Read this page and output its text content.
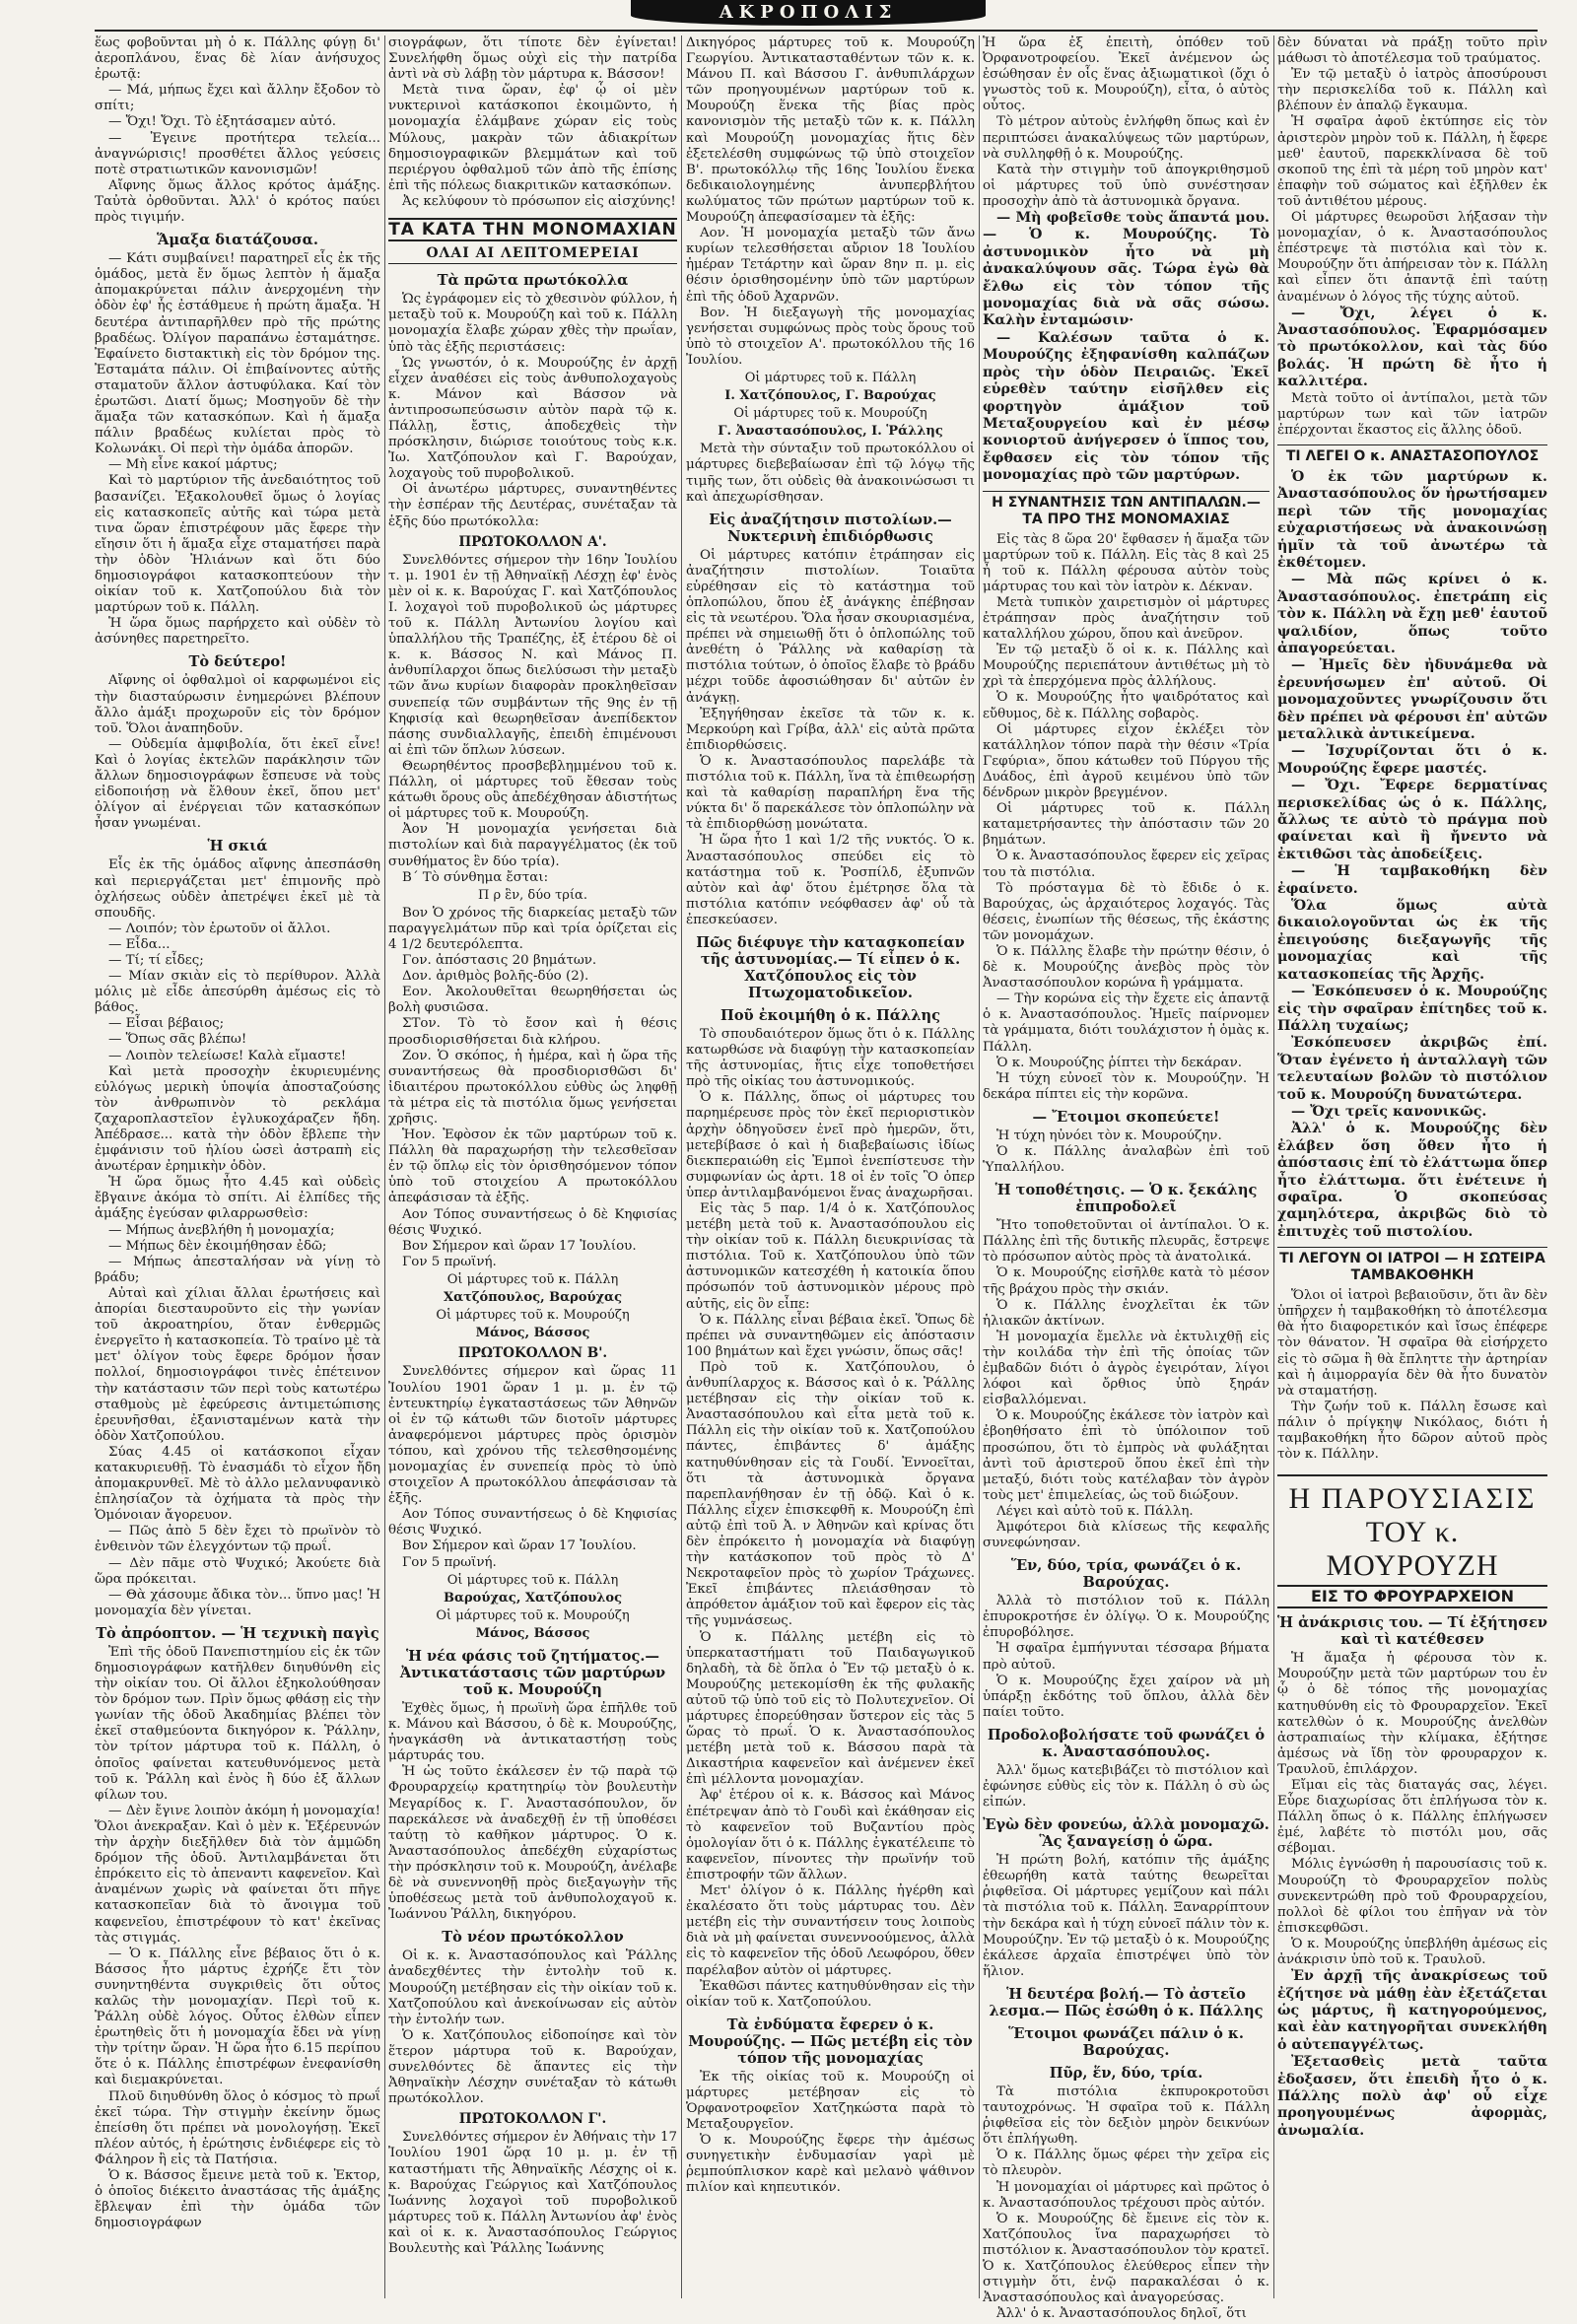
ΑΚΡΟΠΟΛΙΣ

ἕως φοβοῦνται μὴ ὁ κ. Πάλλης φύγῃ δι' ἀεροπλάνου, ἕνας δὲ λίαν ἀνήσυχος ἐρωτᾷ:

— Μά, μήπως ἔχει καὶ ἄλλην ἔξοδον τὸ σπίτι;

— Ὄχι! Ὄχι. Τὸ ἐξητάσαμεν αὐτό.

— Ἐγεινε προτήτερα τελεία... ἀναγνώρισις! προσθέτει ἄλλος γεύσεις ποτὲ στρατιωτικῶν κανονισμῶν!

Αἴφνης ὅμως ἄλλος κρότος ἁμάξης. Ταὐτὰ ὀρθοῦνται. Ἀλλ' ὁ κρότος παύει πρὸς τιγιμήν.

Ἅμαξα διατάζουσα.

— Κάτι συμβαίνει! παρατηρεῖ εἷς ἐκ τῆς ὁμάδος, μετὰ ἔν ὅμως λεπτὸν ἡ ἅμαξα ἀπομακρύνεται πάλιν ἀνερχομένη τὴν ὁδὸν ἐφ' ἧς ἐστάθμευε ἡ πρώτη ἅμαξα. Ἡ δευτέρα ἀντιπαρῆλθεν πρὸ τῆς πρώτης βραδέως. Ὀλίγον παραπάνω ἐσταμάτησε. Ἐφαίνετο διστακτικὴ εἰς τὸν δρόμον της. Ἐσταμάτα πάλιν. Οἱ ἐπιβαίνοντες αὐτῆς σταματοῦν ἄλλον ἀστυφύλακα. Καί τὸν ἐρωτῶσι. Διατί ὅμως; Μοσηγοῦν δὲ τὴν ἅμαξα τῶν κατασκόπων. Καὶ ἡ ἅμαξα πάλιν βραδέως κυλίεται πρὸς τὸ Κολωνάκι. Οἱ περὶ τὴν ὁμάδα ἀπορῶν.

— Μὴ εἶνε κακοί μάρτυς;

Καὶ τὸ μαρτύριον τῆς ἀνεδαιότητος τοῦ βασανίζει. Ἐξακολουθεῖ ὅμως ὁ λογίας εἰς κατασκοπεῖς αὐτῆς καὶ τώρα μετὰ τινα ὥραν ἐπιστρέφουν μᾶς ἔφερε τὴν εἴησιν ὅτι ἡ ἅμαξα εἶχε σταματήσει παρὰ τὴν ὁδὸν Ἠλιάνων καὶ ὅτι δύο δημοσιογράφοι κατασκοπτεύουν τὴν οἰκίαν τοῦ κ. Χατζοπούλου διὰ τὸν μαρτύρων τοῦ κ. Πάλλη.

Ἡ ὥρα ὅμως παρήρχετο καὶ οὐδὲν τὸ ἀσύνηθες παρετηρεῖτο.

Τὸ δεύτερο!

Αἴφνης οἱ ὀφθαλμοὶ οἱ καρφωμένοι εἰς τὴν διασταύρωσιν ἐνημερώνει βλέπουν ἄλλο ἀμάξι προχωροῦν εἰς τὸν δρόμον τοῦ. Ὅλοι ἀναπηδοῦν.

— Οὐδεμία ἀμφιβολία, ὅτι ἐκεῖ εἶνε! Καὶ ὁ λογίας ἐκτελῶν παράκλησιν τῶν ἄλλων δημοσιογράφων ἔσπευσε νὰ τοὺς εἰδοποιήσῃ νὰ ἔλθουν ἐκεῖ, ὅπου μετ' ὀλίγον αἱ ἐνέργειαι τῶν κατασκόπων ἦσαν γνωμέναι.

Ἡ σκιά

Εἷς ἐκ τῆς ὁμάδος αἴφνης ἀπεσπάσθη καὶ περιεργάζεται μετ' ἐπιμονῆς πρὸ ὀχλήσεως οὐδὲν ἀπετρέψει ἐκεῖ μὲ τὰ σπουδῆς.

— Λοιπόν; τὸν ἐρωτοῦν οἱ ἄλλοι.

— Εἶδα...

— Τί; τί εἶδες;

— Μίαν σκιὰν εἰς τὸ περίθυρον. Ἀλλὰ μόλις μὲ εἶδε ἀπεσύρθη ἀμέσως εἰς τὸ βάθος.

— Εἶσαι βέβαιος;

— Ὅπως σᾶς βλέπω!

— Λοιπὸν τελείωσε! Καλὰ εἴμαστε!

Καὶ μετὰ προσοχὴν ἐκυριευμένης εὐλόγως μερικὴ ὑποψία ἀποσταζούσης τὸν ἀνθρωπινὸν τὸ ρεκλάμα ζαχαροπλαστεῖον ἐγλυκοχάραζεν ἤδη. Ἀπέδρασε... κατὰ τὴν ὁδὸν ἔβλεπε τὴν ἐμφάνισιν τοῦ ἡλίου ὡσεὶ ἀστραπὴ εἰς ἀνωτέραν ἐρημικὴν ὁδὸν.

Ἡ ὥρα ὅμως ἦτο 4.45 καὶ οὐδεὶς ἔβγαινε ἀκόμα τὸ σπίτι. Αἱ ἐλπίδες τῆς ἁμάξης ἐγεύσαν φιλαρρωσθεὶσ:

— Μήπως ἀνεβλήθη ἡ μονομαχία;

— Μήπως δὲν ἐκοιμήθησαν ἐδῶ;

— Μήπως ἀπεσταλήσαν νὰ γίνῃ τὸ βράδυ;

Αὐταὶ καὶ χίλιαι ἄλλαι ἐρωτήσεις καὶ ἀπορίαι διεσταυροῦντο εἰς τὴν γωνίαν τοῦ ἀκροατηρίου, ὅταν ἐνθερμῶς ἐνεργεῖτο ἡ κατασκοπεία. Τὸ τραίνο μὲ τὰ μετ' ὀλίγον τοὺς ἔφερε δρόμον ἦσαν πολλοί, δημοσιογράφοι τινὲς ἐπέτεινον τὴν κατάστασιν τῶν περὶ τοὺς κατωτέρω σταθμοὺς μὲ ἐφεύρεσις ἀντιμετώπισης ἐρευνῆσθαι, ἐξανισταμένων κατὰ τὴν ὁδὸν Χατζοπούλου.

Σύας 4.45 οἱ κατάσκοποι εἶχαν κατακυριευθῇ. Τὸ ἐνασμάδι τὸ εἶχον ἤδη ἀπομακρυνθεῖ. Μὲ τὸ ἀλλο μελανυφανικὸ ἐπλησίαζον τὰ ὀχήματα τὰ πρὸς τὴν Ὁμόνοιαν ἄγορευον.

— Πῶς ἀπὸ 5 δὲν ἔχει τὸ πρωϊνὸν τὸ ἐνθεινὸν τῶν ἐλεγχόντων τῷ πρωΐ.

— Δὲν πᾶμε στὸ Ψυχικό; Ἀκούετε διὰ ὥρα πρόκειται.

— Θὰ χάσουμε ἄδικα τὸν... ὕπνο μας! Ἡ μονομαχία δὲν γίνεται.

Τὸ ἀπρόοπτον. — Ἡ τεχνικὴ παγὶς

Ἐπὶ τῆς ὁδοῦ Πανεπιστημίου εἰς ἐκ τῶν δημοσιογράφων κατῆλθεν διηυθύνθη εἰς τὴν οἰκίαν του. Οἱ ἄλλοι ἐξηκολούθησαν τὸν δρόμον των. Πρὶν ὅμως φθάσῃ εἰς τὴν γωνίαν τῆς ὁδοῦ Ἀκαδημίας βλέπει τὸν ἐκεῖ σταθμεύοντα δικηγόρον κ. Ῥάλλην, τὸν τρίτον μάρτυρα τοῦ κ. Πάλλη, ὁ ὁποῖος φαίνεται κατευθυνόμενος μετὰ τοῦ κ. Ῥάλλη καὶ ἑνὸς ἢ δύο ἐξ ἄλλων φίλων του.

— Δὲν ἔγινε λοιπὸν ἀκόμη ἡ μονομαχία! Ὅλοι ἀνεκραξαν. Καὶ ὁ μὲν κ. Ἐξέρευνών τὴν ἀρχὴν διεξῆλθεν διὰ τὸν ἀμμῶδη δρόμον τῆς ὁδοῦ. Ἀντιλαμβάνεται ὅτι ἐπρόκειτο εἰς τὸ ἀπεναντι καφενεῖον. Καὶ ἀναμένων χωρὶς νὰ φαίνεται ὅτι πῆγε κατασκοπεῖαν διὰ τὸ ἄνοιγμα τοῦ καφενεῖου, ἐπιστρέφουν τὸ κατ' ἐκεῖνας τὰς στιγμάς.

— Ὁ κ. Πάλλης εἶνε βέβαιος ὅτι ὁ κ. Βάσσος ἦτο μάρτυς ἐχρήζε ἔτι τὸν συνηντηθέντα συγκριθεὶς ὅτι οὗτος καλῶς τὴν μονομαχίαν. Περὶ τοῦ κ. Ῥάλλη οὐδὲ λόγος. Οὗτος ἐλθὼν εἶπεν ἐρωτηθεὶς ὅτι ἡ μονομαχία ἔδει νὰ γίνῃ τὴν τρίτην ὥραν. Ἡ ὥρα ἦτο 6.15 περίπου ὅτε ὁ κ. Πάλλης ἐπιστρέφων ἐνεφανίσθη καὶ διεμακρύνεται.

Πλοῦ διηυθύνθη ὅλος ὁ κόσμος τὸ πρωΐ ἐκεῖ τώρα. Τὴν στιγμὴν ἐκείνην ὅμως ἐπείσθη ὅτι πρέπει νὰ μονολογήσῃ. Ἐκεῖ πλέον αὐτός, ἡ ἐρώτησις ἐνδιέφερε εἰς τὸ Φάληρον ἢ εἰς τὰ Πατήσια.

Ὁ κ. Βάσσος ἔμεινε μετὰ τοῦ κ. Ἐκτορ, ὁ ὁποῖος διέκειτο ἀναστάσας τῆς ἁμάξης ἔβλεψαν ἐπὶ τὴν ὁμάδα τῶν δημοσιογράφων

σιογράφων, ὅτι τίποτε δὲν ἐγίνεται! Συνελήφθη ὅμως οὐχὶ εἰς τὴν πατρίδα ἀντὶ νὰ σὺ λάβῃ τὸν μάρτυρα κ. Βάσσον!

Μετὰ τινα ὥραν, ἐφ' ᾧ οἱ μὲν νυκτερινοὶ κατάσκοποι ἐκοιμῶντο, ἡ μονομαχία ἐλάμβανε χώραν εἰς τοὺς Μύλους, μακρὰν τῶν ἀδιακρίτων δημοσιογραφικῶν βλεμμάτων καὶ τοῦ περιέργου ὀφθαλμοῦ τῶν ἀπὸ τῆς ἐπίσης ἐπὶ τῆς πόλεως διακριτικῶν κατασκόπων.

Ἀς κελύφουν τὸ πρόσωπον εἰς αἰσχύνης!

ΤΑ ΚΑΤΑ ΤΗΝ ΜΟΝΟΜΑΧΙΑΝ
ΟΛΑΙ ΑΙ ΛΕΠΤΟΜΕΡΕΙΑΙ

Τὰ πρῶτα πρωτόκολλα

Ὡς ἐγράφομεν εἰς τὸ χθεσινὸν φύλλον, ἡ μεταξὺ τοῦ κ. Μουρούζη καὶ τοῦ κ. Πάλλη μονομαχία ἔλαβε χώραν χθὲς τὴν πρωΐαν, ὑπὸ τὰς ἑξῆς περιστάσεις:

Ὡς γνωστόν, ὁ κ. Μουρούζης ἐν ἀρχῇ εἶχεν ἀναθέσει εἰς τοὺς ἀνθυπολοχαγοὺς κ. Μάνον καὶ Βάσσον νὰ ἀντιπροσωπεύσωσιν αὐτὸν παρὰ τῷ κ. Πάλλῃ, ἔστις, ἀποδεχθεὶς τὴν πρόσκλησιν, διώρισε τοιούτους τοὺς κ.κ. Ἰω. Χατζόπουλον καὶ Γ. Βαρούχαν, λοχαγοὺς τοῦ πυροβολικοῦ.

Οἱ ἀνωτέρω μάρτυρες, συναντηθέντες τὴν ἑσπέραν τῆς Δευτέρας, συνέταξαν τὰ ἑξῆς δύο πρωτόκολλα:

ΠΡΩΤΟΚΟΛΛΟΝ Α'.

Συνελθόντες σήμερον τὴν 16ην Ἰουλίου τ. μ. 1901 ἐν τῇ Ἀθηναϊκῇ Λέσχῃ ἐφ' ἑνὸς μὲν οἱ κ. κ. Βαρούχας Γ. καὶ Χατζόπουλος Ι. λοχαγοὶ τοῦ πυροβολικοῦ ὡς μάρτυρες τοῦ κ. Πάλλη Ἀντωνίου λογίου καὶ ὑπαλλήλου τῆς Τραπέζης, ἐξ ἑτέρου δὲ οἱ κ. κ. Βάσσος Ν. καὶ Μάνος Π. ἀνθυπίλαρχοι ὅπως διελύσωσι τὴν μεταξὺ τῶν ἄνω κυρίων διαφορὰν προκληθεῖσαν συνεπείᾳ τῶν συμβάντων τῆς 9ης ἐν τῇ Κηφισίᾳ καὶ θεωρηθεῖσαν ἀνεπίδεκτον πάσης συνδιαλλαγῆς, ἐπειδὴ ἐπιμένουσι αἱ ἐπὶ τῶν ὅπλων λύσεων.

Θεωρηθέντος προσβεβλημμένου τοῦ κ. Πάλλη, οἱ μάρτυρες τοῦ ἔθεσαν τοὺς κάτωθι ὅρους οὓς ἀπεδέχθησαν ἀδιστήτως οἱ μάρτυρες τοῦ κ. Μουρούζη.

Ἀον Ἡ μονομαχία γενήσεται διὰ πιστολίων καὶ διὰ παραγγέλματος (ἐκ τοῦ συνθήματος ἓν δύο τρία).

Β΄ Τὸ σύνθημα ἔσται:

Π ρ ἓν, δύο τρία.

Βον Ὁ χρόνος τῆς διαρκείας μεταξὺ τῶν παραγγελμάτων πῦρ καὶ τρία ὁρίζεται εἰς 4 1/2 δευτερόλεπτα.

Γον. ἀπόστασις 20 βημάτων.

Δον. ἀριθμὸς βολῆς-δύο (2).

Εον. Ἀκολουθεῖται θεωρηθήσεται ὡς βολὴ φυσιῶσα.

ΣΤον. Τὸ τὸ ἔσον καὶ ἡ θέσις προσδιορισθήσεται διὰ κλήρου.

Ζον. Ὁ σκόπος, ἡ ἡμέρα, καὶ ἡ ὥρα τῆς συναντήσεως θὰ προσδιορισθῶσι δι' ἰδιαιτέρου πρωτοκόλλου εὐθὺς ὡς ληφθῇ τὰ μέτρα εἰς τὰ πιστόλια ὅμως γενήσεται χρῆσις.

Ἡον. Ἐφὸσον ἐκ τῶν μαρτύρων τοῦ κ. Πάλλη θὰ παραχωρήσῃ τὴν τελεσθεῖσαν ἐν τῷ ὅπλῳ εἰς τὸν ὁρισθησόμενον τόπον ὑπὸ τοῦ στοιχείου Α πρωτοκόλλου ἀπεφάσισαν τὰ ἑξῆς.

Αον Τόπος συναντήσεως ὁ δὲ Κηφισίας θέσις Ψυχικό.

Βον Σήμερον καὶ ὥραν 17 Ἰουλίου.

Γον 5 πρωϊνή.

Οἱ μάρτυρες τοῦ κ. Πάλλη

Χατζόπουλος, Βαρούχας

Οἱ μάρτυρες τοῦ κ. Μουρούζη

Μάνος, Βάσσος

ΠΡΩΤΟΚΟΛΛΟΝ Β'.

Συνελθόντες σήμερον καὶ ὥρας 11 Ἰουλίου 1901 ὥραν 1 μ. μ. ἐν τῷ ἐντευκτηρίῳ ἐγκαταστάσεως τῶν Ἀθηνῶν οἱ ἐν τῷ κάτωθι τῶν διοτοῖν μάρτυρες ἀναφερόμενοι μάρτυρες πρὸς ὁρισμὸν τόπου, καὶ χρόνου τῆς τελεσθησομένης μονομαχίας ἐν συνεπείᾳ πρὸς τὸ ὑπὸ στοιχεῖον Α πρωτοκόλλου ἀπεφάσισαν τὰ ἑξῆς.

Αον Τόπος συναντήσεως ὁ δὲ Κηφισίας θέσις Ψυχικό.

Βον Σήμερον καὶ ὥραν 17 Ἰουλίου.

Γον 5 πρωϊνή.

Οἱ μάρτυρες τοῦ κ. Πάλλη

Βαρούχας, Χατζόπουλος

Οἱ μάρτυρες τοῦ κ. Μουρούζη

Μάνος, Βάσσος

Ἡ νέα φάσις τοῦ ζητήματος.— Ἀντικατάστασις τῶν μαρτύρων τοῦ κ. Μουρούζη

Ἐχθὲς ὅμως, ἡ πρωϊνὴ ὥρα ἐπῆλθε τοῦ κ. Μάνου καὶ Βάσσου, ὁ δὲ κ. Μουρούζης, ἠναγκάσθη νὰ ἀντικαταστήσῃ τοὺς μάρτυράς του.

Ἡ ὡς τοῦτο ἐκάλεσεν ἐν τῷ παρὰ τῷ Φρουραρχείῳ κρατητηρίῳ τὸν βουλευτὴν Μεγαρίδος κ. Γ. Ἀναστασόπουλον, ὅν παρεκάλεσε νὰ ἀναδεχθῇ ἐν τῇ ὑποθέσει ταύτῃ τὸ καθῆκον μάρτυρος. Ὁ κ. Ἀναστασόπουλος ἀπεδέχθη εὐχαρίστως τὴν πρόσκλησιν τοῦ κ. Μουρούζη, ἀνέλαβε δὲ νὰ συνεννοηθῇ πρὸς διεξαγωγὴν τῆς ὑποθέσεως μετὰ τοῦ ἀνθυπολοχαγοῦ κ. Ἰωάννου Ῥάλλη, δικηγόρου.

Τὸ νέον πρωτόκολλον

Οἱ κ. κ. Ἀναστασόπουλος καὶ Ῥάλλης ἀναδεχθέντες τὴν ἐντολὴν τοῦ κ. Μουρούζη μετέβησαν εἰς τὴν οἰκίαν τοῦ κ. Χατζοπούλου καὶ ἀνεκοίνωσαν εἰς αὐτὸν τὴν ἐντολήν των.

Ὁ κ. Χατζόπουλος εἰδοποίησε καὶ τὸν ἕτερον μάρτυρα τοῦ κ. Βαρούχαν, συνελθόντες δὲ ἅπαντες εἰς τὴν Ἀθηναϊκὴν Λέσχην συνέταξαν τὸ κάτωθι πρωτόκολλον.

ΠΡΩΤΟΚΟΛΛΟΝ Γ'.

Συνελθόντες σήμερον ἐν Ἀθήναις τὴν 17 Ἰουλίου 1901 ὥρᾳ 10 μ. μ. ἐν τῇ καταστήματι τῆς Ἀθηναϊκῆς Λέσχης οἱ κ. κ. Βαρούχας Γεώργιος καὶ Χατζόπουλος Ἰωάννης λοχαγοὶ τοῦ πυροβολικοῦ μάρτυρες τοῦ κ. Πάλλη Ἀντωνίου ἀφ' ἑνὸς καὶ οἱ κ. κ. Ἀναστασόπουλος Γεώργιος Βουλευτὴς καὶ Ῥάλλης Ἰωάννης

Δικηγόρος μάρτυρες τοῦ κ. Μουρούζη Γεωργίου. Ἀντικατασταθέντων τῶν κ. κ. Μάνου Π. καὶ Βάσσου Γ. ἀνθυπιλάρχων τῶν προηγουμένων μαρτύρων τοῦ κ. Μουρούζη ἕνεκα τῆς βίας πρὸς κανονισμὸν τῆς μεταξὺ τῶν κ. κ. Πάλλη καὶ Μουρούζη μονομαχίας ἥτις δὲν ἐξετελέσθη συμφώνως τῷ ὑπὸ στοιχεῖον Β'. πρωτοκόλλῳ τῆς 16ης Ἰουλίου ἕνεκα δεδικαιολογημένης ἀνυπερβλήτου κωλύματος τῶν πρώτων μαρτύρων τοῦ κ. Μουρούζη ἀπεφασίσαμεν τὰ ἑξῆς:

Αον. Ἡ μονομαχία μεταξὺ τῶν ἄνω κυρίων τελεσθήσεται αὔριον 18 Ἰουλίου ἡμέραν Τετάρτην καὶ ὥραν 8ην π. μ. εἰς θέσιν ὁρισθησομένην ὑπὸ τῶν μαρτύρων ἐπὶ τῆς ὁδοῦ Ἀχαρνῶν.

Βον. Ἡ διεξαγωγὴ τῆς μονομαχίας γενήσεται συμφώνως πρὸς τοὺς ὅρους τοῦ ὑπὸ τὸ στοιχεῖον Α'. πρωτοκόλλου τῆς 16 Ἰουλίου.

Οἱ μάρτυρες τοῦ κ. Πάλλη

Ι. Χατζόπουλος, Γ. Βαρούχας

Οἱ μάρτυρες τοῦ κ. Μουρούζη

Γ. Ἀναστασόπουλος, Ι. Ῥάλλης

Μετὰ τὴν σύνταξιν τοῦ πρωτοκόλλου οἱ μάρτυρες διεβεβαίωσαν ἐπὶ τῷ λόγῳ τῆς τιμῆς των, ὅτι οὐδεὶς θὰ ἀνακοινώσωσι τι καὶ ἀπεχωρίσθησαν.

Εἰς ἀναζήτησιν πιστολίων.— Νυκτερινὴ ἐπιδιόρθωσις

Οἱ μάρτυρες κατόπιν ἐτράπησαν εἰς ἀναζήτησιν πιστολίων. Τοιαῦτα εὑρέθησαν εἰς τὸ κατάστημα τοῦ ὁπλοπώλου, ὅπου ἐξ ἀνάγκης ἐπέβησαν εἰς τὰ νεωτέρου. Ὅλα ἦσαν σκουριασμένα, πρέπει νὰ σημειωθῇ ὅτι ὁ ὁπλοπώλης τοῦ ἀνεθέτη ὁ Ῥάλλης νὰ καθαρίσῃ τὰ πιστόλια τούτων, ὁ ὁποῖος ἔλαβε τὸ βράδυ μέχρι τοῦδε ἀφοσιώθησαν δι' αὐτῶν ἐν ἀνάγκῃ.

Ἐξηγήθησαν ἐκεῖσε τὰ τῶν κ. κ. Μερκούρη καὶ Γρίβα, ἀλλ' εἰς αὐτὰ πρῶτα ἐπιδιορθώσεις.

Ὁ κ. Ἀναστασόπουλος παρελάβε τὰ πιστόλια τοῦ κ. Πάλλη, ἵνα τὰ ἐπιθεωρήσῃ καὶ τὰ καθαρίσῃ παραπλήρη ἕνα τῆς νύκτα δι' ὅ παρεκάλεσε τὸν ὁπλοπώλην νὰ τὰ ἐπιδιορθώσῃ μονώτατα.

Ἡ ὥρα ἦτο 1 καὶ 1/2 τῆς νυκτός. Ὁ κ. Ἀναστασόπουλος σπεύδει εἰς τὸ κατάστημα τοῦ κ. Ῥοσπίλδ, ἐξυπνῶν αὐτὸν καὶ ἀφ' ὅτου ἐμέτρησε ὅλα τὰ πιστόλια κατόπιν νεόφθασεν ἀφ' οὗ τὰ ἐπεσκεύασεν.

Πῶς διέφυγε τὴν κατασκοπείαν τῆς ἀστυνομίας.— Τί εἶπεν ὁ κ. Χατζόπουλος εἰς τὸν Πτωχοματοδικεῖον.

Ποῦ ἐκοιμήθη ὁ κ. Πάλλης

Τὸ σπουδαιότερον ὅμως ὅτι ὁ κ. Πάλλης κατωρθώσε νὰ διαφύγῃ τὴν κατασκοπείαν τῆς ἀστυνομίας, ἥτις εἶχε τοποθετήσει πρὸ τῆς οἰκίας του ἀστυνομικούς.

Ὁ κ. Πάλλης, ὅπως οἱ μάρτυρες του παρημέρευσε πρὸς τὸν ἐκεῖ περιοριστικὸν ἀρχὴν ὁδηγοῦσεν ἐνεῖ πρὸ ἡμερῶν, ὅτι, μετεβίβασε ὁ καὶ ἡ διαβεβαίωσις ἰδίως διεκπεραιώθη εἰς Ἐμποὶ ἐνεπίστευσε τὴν συμφωνίαν ὡς ἀρτι. 18 οἱ ἐν τοῖς Ὃ ὁπερ ὑπερ ἀντιλαμβανόμενοι ἕνας ἀναχωρῆσαι.

Εἰς τὰς 5 παρ. 1/4 ὁ κ. Χατζόπουλος μετέβη μετὰ τοῦ κ. Ἀναστασόπουλου εἰς τὴν οἰκίαν τοῦ κ. Πάλλη διευκρινίσας τὰ πιστόλια. Τοῦ κ. Χατζόπουλου ὑπὸ τῶν ἀστυνομικῶν κατεσχέθη ἡ κατοικία ὅπου πρόσωπόν τοῦ ἀστυνομικὸν μέρους πρὸ αὐτῆς, εἰς ὃν εἶπε:

Ὁ κ. Πάλλης εἶναι βέβαια ἐκεῖ. Ὅπως δὲ πρέπει νὰ συναντηθῶμεν εἰς ἀπόστασιν 100 βημάτων καὶ ἔχει γνώσιν, ὅπως σᾶς!

Πρὸ τοῦ κ. Χατζόπουλου, ὁ ἀνθυπίλαρχος κ. Βάσσος καὶ ὁ κ. Ῥάλλης μετέβησαν εἰς τὴν οἰκίαν τοῦ κ. Ἀναστασόπουλου καὶ εἶτα μετὰ τοῦ κ. Πάλλη εἰς τὴν οἰκίαν τοῦ κ. Χατζοπούλου πάντες, ἐπιβάντες δ' ἁμάξης κατηυθύνθησαν εἰς τὰ Γουδί. Ἐννοεῖται, ὅτι τὰ ἀστυνομικὰ ὄργανα παρεπλανήθησαν ἐν τῇ ὁδῷ. Καὶ ὁ κ. Πάλλης εἶχεν ἐπισκεφθῆ κ. Μουρούζη ἐπὶ αὐτῷ ἐπὶ τοῦ Ἀ. ν Ἀθηνῶν καὶ κρίνας ὅτι δὲν ἐπρόκειτο ἡ μονομαχία νὰ διαφύγῃ τὴν κατάσκοπον τοῦ πρὸς τὸ Δ' Νεκροταφεῖον πρὸς τὸ χωρίον Τράχωνες. Ἐκεῖ ἐπιβάντες πλειάσθησαν τὸ ἀπρόθετον ἁμάξιον τοῦ καὶ ἔφερον εἰς τὰς τῆς γυμνάσεως.

Ὁ κ. Πάλλης μετέβη εἰς τὸ ὑπερκαταστήματι τοῦ Παιδαγωγικοῦ δηλαδὴ, τὰ δὲ ὅπλα ὁ Ἔν τῷ μεταξὺ ὁ κ. Μουρούζης μετεκομίσθη ἐκ τῆς φυλακῆς αὐτοῦ τῷ ὑπὸ τοῦ εἰς τὸ Πολυτεχνεῖον. Οἱ μάρτυρες ἐπορεύθησαν ὕστερον εἰς τὰς 5 ὥρας τὸ πρωΐ. Ὁ κ. Ἀναστασόπουλος μετέβη μετὰ τοῦ κ. Βάσσου παρὰ τὰ Δικαστήρια καφενεῖον καὶ ἀνέμενεν ἐκεῖ ἐπὶ μέλλοντα μονομαχίαν.

Ἀφ' ἑτέρου οἱ κ. κ. Βάσσος καὶ Μάνος ἐπέτρεψαν ἀπὸ τὸ Γουδὶ καὶ ἐκάθησαν εἰς τὸ καφενεῖον τοῦ Βυζαντίου πρὸς ὁμολογίαν ὅτι ὁ κ. Πάλλης ἐγκατέλειπε τὸ καφενεῖον, πίνοντες τὴν πρωϊνήν τοῦ ἐπιστροφήν τῶν ἄλλων.

Μετ' ὀλίγον ὁ κ. Πάλλης ἠγέρθη καὶ ἐκαλέσατο ὅτι τοὺς μάρτυρας του. Δὲν μετέβη εἰς τὴν συναντήσειν τους λοιποὺς διὰ νὰ μὴ φαίνεται συνεννοούμενος, ἀλλὰ εἰς τὸ καφενεῖον τῆς ὁδοῦ Λεωφόρου, ὅθεν παρέλαβον αὐτὸν οἱ μάρτυρες.

Ἐκαθῶσι πάντες κατηυθύνθησαν εἰς τὴν οἰκίαν τοῦ κ. Χατζοπούλου.

Τὰ ἐνδύματα ἔφερεν ὁ κ. Μουρούζης. — Πῶς μετέβη εἰς τὸν τόπον τῆς μονομαχίας

Ἐκ τῆς οἰκίας τοῦ κ. Μουρούζη οἱ μάρτυρες μετέβησαν εἰς τὸ Ὁρφανοτροφεῖον Χατζηκώστα παρὰ τὸ Μεταξουργεῖον.

Ὁ κ. Μουρούζης ἔφερε τὴν ἀμέσως συνηγετικὴν ἐνδυμασίαν γαρὶ μὲ ῥεμπούπλισκον καρὲ καὶ μελανὸ ψάθινον πιλίον καὶ κηπευτικόν.

Ἡ ὥρα ἐξ ἐπειτὴ, ὁπόθεν τοῦ Ὀρφανοτροφείου. Ἐκεῖ ἀνέμενον ὡς ἐσώθησαν ἐν οἷς ἕνας ἀξιωματικοὶ (ὄχι ὁ γνωστὸς τοῦ κ. Μουρούζη), εἶτα, ὁ αὐτὸς οὗτος.

Τὸ μέτρον αὐτοὺς ἐνλήφθη ὅπως καὶ ἐν περιπτώσει ἀνακαλύψεως τῶν μαρτύρων, νὰ συλληφθῇ ὁ κ. Μουρούζης.

Κατὰ τὴν στιγμὴν τοῦ ἀπογκριθησμοῦ οἱ μάρτυρες τοῦ ὑπὸ συνέστησαν προσοχὴν ἀπὸ τὰ ἀστυνομικὰ ὄργανα.

— Μὴ φοβεῖσθε τοὺς ἅπαντά μου. — Ὁ κ. Μουρούζης. Τὸ ἀστυνομικὸν ἦτο νὰ μὴ ἀνακαλύψουν σᾶς. Τώρα ἐγὼ θὰ ἔλθω εἰς τὸν τόπον τῆς μονομαχίας διὰ νὰ σᾶς σώσω. Καλὴν ἐνταμώσιν·

— Καλέσων ταῦτα ὁ κ. Μουρούζης ἐξηφανίσθη καλπάζων πρὸς τὴν ὁδὸν Πειραιῶς. Ἐκεῖ εὑρεθὲν ταύτην εἰσῆλθεν εἰς φορτηγὸν ἁμάξιον τοῦ Μεταξουργείου καὶ ἐν μέσῳ κονιορτοῦ ἀνήγερσεν ὁ ἵππος του, ἔφθασεν εἰς τὸν τόπον τῆς μονομαχίας πρὸ τῶν μαρτύρων.

Η ΣΥΝΑΝΤΗΣΙΣ ΤΩΝ ΑΝΤΙΠΑΛΩΝ.— ΤΑ ΠΡΟ ΤΗΣ ΜΟΝΟΜΑΧΙΑΣ

Εἰς τὰς 8 ὥρα 20' ἔφθασεν ἡ ἅμαξα τῶν μαρτύρων τοῦ κ. Πάλλη. Εἰς τὰς 8 καὶ 25 ἦ τοῦ κ. Πάλλη φέρουσα αὐτὸν τοὺς μάρτυρας του καὶ τὸν ἰατρὸν κ. Δέκναν.

Μετὰ τυπικὸν χαιρετισμὸν οἱ μάρτυρες ἐτράπησαν πρὸς ἀναζήτησιν τοῦ καταλλήλου χώρου, ὅπου καὶ ἀνεῦρον.

Ἐν τῷ μεταξὺ ὅ οἱ κ. κ. Πάλλης καὶ Μουρούζης περιεπάτουν ἀντιθέτως μὴ τὸ χρὶ τὰ ἐπερχόμενα πρὸς ἀλλήλους.

Ὁ κ. Μουρούζης ἦτο ψαιδρότατος καὶ εὔθυμος, δὲ κ. Πάλλης σοβαρὸς.

Οἱ μάρτυρες εἶχον ἐκλέξει τὸν κατάλληλον τόπον παρὰ τὴν θέσιν «Τρία Γεφύρια», ὅπου κάτωθεν τοῦ Πύργου τῆς Δυάδος, ἐπὶ ἀγροῦ κειμένου ὑπὸ τῶν δένδρων μικρὸν βρεγμένον.

Οἱ μάρτυρες τοῦ κ. Πάλλη καταμετρήσαντες τὴν ἀπόστασιν τῶν 20 βημάτων.

Ὁ κ. Ἀναστασόπουλος ἔφερεν εἰς χεῖρας του τὰ πιστόλια.

Τὸ πρόσταγμα δὲ τὸ ἔδιδε ὁ κ. Βαρούχας, ὡς ἀρχαιότερος λοχαγός. Τὰς θέσεις, ἐνωπίων τῆς θέσεως, τῆς ἐκάστης τῶν μονομάχων.

Ὁ κ. Πάλλης ἔλαβε τὴν πρώτην θέσιν, ὁ δὲ κ. Μουρούζης ἀνεβὸς πρὸς τὸν Ἀναστασόπουλον κορώνα ἢ γράμματα.

— Τὴν κορώνα εἰς τὴν ἔχετε εἰς ἀπαντᾷ ὁ κ. Ἀναστασόπουλος. Ἡμεῖς παίρνομεν τὰ γράμματα, διότι τουλάχιστον ἡ ὁμὰς κ. Πάλλη.

Ὁ κ. Μουρούζης ῥίπτει τὴν δεκάραν.

Ἡ τύχη εὐνοεῖ τὸν κ. Μουρούζην. Ἡ δεκάρα πίπτει εἰς τὴν κορῶνα.

— Ἔτοιμοι σκοπεύετε!

Ἡ τύχη ηὐνόει τὸν κ. Μουρούζην.

Ὁ κ. Πάλλης ἀναλαβὼν ἐπὶ τοῦ Ὑπαλλήλου.

Ἡ τοποθέτησις. — Ὁ κ. ξεκάλης ἐπιπροδολεῖ

Ἤτο τοποθετοῦνται οἱ ἀντίπαλοι. Ὁ κ. Πάλλης ἐπὶ τῆς δυτικῆς πλευρᾶς, ἔστρεψε τὸ πρόσωπον αὐτὸς πρὸς τὰ ἀνατολικά.

Ὁ κ. Μουρούζης εἰσῆλθε κατὰ τὸ μέσον τῆς βράχου πρὸς τὴν σκιάν.

Ὁ κ. Πάλλης ἐνοχλεῖται ἐκ τῶν ἡλιακῶν ἀκτίνων.

Ἡ μονομαχία ἔμελλε νὰ ἐκτυλιχθῇ εἰς τὴν κοιλάδα τὴν ἐπὶ τῆς ὁποίας τῶν ἐμβαδῶν διότι ὁ ἀγρὸς ἐγειρόταν, λίγοι λόφοι καὶ ὄρθιος ὑπὸ ξηράν εἰσβαλλόμεναι.

Ὁ κ. Μουρούζης ἐκάλεσε τὸν ἰατρὸν καὶ ἐβοηθήσατο ἐπὶ τὸ ὑπόλοιπον τοῦ προσώπου, ὅτι τὸ ἐμπρὸς νὰ φυλάξηται ἀντὶ τοῦ ἀριστεροῦ ὅπου ἐκεῖ ἐπὶ τὴν μεταξύ, διότι τοὺς κατέλαβαν τὸν ἀγρὸν τοὺς μετ' ἐπιμελείας, ὡς τοῦ διώξουν.

Λέγει καὶ αὐτὸ τοῦ κ. Πάλλη.

Ἀμφότεροι διὰ κλίσεως τῆς κεφαλῆς συνεφώνησαν.

Ἕν, δύο, τρία, φωνάζει ὁ κ. Βαρούχας.

Ἀλλὰ τὸ πιστόλιον τοῦ κ. Πάλλη ἐπυροκροτήσε ἐν ὀλίγῳ. Ὁ κ. Μουρούζης ἐπυροβόλησε.

Ἡ σφαῖρα ἐμπήγνυται τέσσαρα βήματα πρὸ αὐτοῦ.

Ὁ κ. Μουρούζης ἔχει χαίρον νὰ μὴ ὑπάρξῃ ἐκδότης τοῦ ὅπλου, ἀλλὰ δὲν παίει τοῦτο.

Προδολοβολήσατε τοῦ φωνάζει ὁ κ. Ἀναστασόπουλος.

Ἀλλ' ὅμως κατεβιβάζει τὸ πιστόλιον καὶ ἐφώνησε εὐθὺς εἰς τὸν κ. Πάλλη ὁ σὺ ὡς εἰπών.

Ἐγὼ δὲν φονεύω, ἀλλὰ μονομαχῶ. Ἃς ξαναγείσῃ ὁ ὥρα.

Ἡ πρώτη βολή, κατόπιν τῆς ἁμάξης ἐθεωρήθη κατὰ ταύτης θεωρεῖται ῥιφθεῖσα. Οἱ μάρτυρες γεμίζουν καὶ πάλι τὰ πιστόλια τοῦ κ. Πάλλη. Ξαναρρίπτουν τὴν δεκάρα καὶ ἡ τύχη εὐνοεῖ πάλιν τὸν κ. Μουρούζην. Ἐν τῷ μεταξὺ ὁ κ. Μουρούζης ἐκάλεσε ἀρχαῖα ἐπιστρέψει ὑπὸ τὸν ἥλιον.

Ἡ δευτέρα βολή.— Τὸ ἀστεῖο λεσμα.— Πῶς ἐσώθη ὁ κ. Πάλλης

Ἕτοιμοι φωνάζει πάλιν ὁ κ. Βαρούχας.

Πῦρ, ἕν, δύο, τρία.

Τὰ πιστόλια ἐκπυροκροτοῦσι ταυτοχρόνως. Ἡ σφαῖρα τοῦ κ. Πάλλη ῥιφθεῖσα εἰς τὸν δεξιὸν μηρὸν δεικνύων ὅτι ἐπλήγωθη.

Ὁ κ. Πάλλης ὅμως φέρει τὴν χεῖρα εἰς τὸ πλευρὸν.

Ἡ μονομαχίαι οἱ μάρτυρες καὶ πρῶτος ὁ κ. Ἀναστασόπουλος τρέχουσι πρὸς αὐτόν.

Ὁ κ. Μουρούζης δὲ ἔμεινε εἰς τὸν κ. Χατζόπουλος ἴνα παραχωρήσει τὸ πιστόλιον κ. Ἀναστασόπουλον τὸν κρατεῖ. Ὁ κ. Χατζόπουλος ἐλεύθερος εἶπεν τὴν στιγμὴν ὅτι, ἐνῷ παρακαλέσαι ὁ κ. Ἀναστασόπουλος καὶ ἀναγορεύσας.

Ἀλλ' ὁ κ. Ἀναστασόπουλος δηλοῖ, ὅτι

δὲν δύναται νὰ πράξῃ τοῦτο πρὶν μάθωσι τὸ ἀποτέλεσμα τοῦ τραύματος.

Ἐν τῷ μεταξὺ ὁ ἰατρὸς ἀποσύρουσι τὴν περισκελίδα τοῦ κ. Πάλλη καὶ βλέπουν ἐν ἀπαλῷ ἔγκαυμα.

Ἡ σφαῖρα ἀφοῦ ἐκτύπησε εἰς τὸν ἀριστερὸν μηρὸν τοῦ κ. Πάλλη, ἡ ἔφερε μεθ' ἑαυτοῦ, παρεκκλίνασα δὲ τοῦ σκοποῦ της ἐπὶ τὰ μέρη τοῦ μηρὸν κατ' ἐπαφὴν τοῦ σώματος καὶ ἐξῆλθεν ἐκ τοῦ ἀντιθέτου μέρους.

Οἱ μάρτυρες θεωροῦσι λήξασαν τὴν μονομαχίαν, ὁ κ. Ἀναστασόπουλος ἐπέστρεψε τὰ πιστόλια καὶ τὸν κ. Μουρούζην ὅτι ἀπήρεισαν τὸν κ. Πάλλη καὶ εἶπεν ὅτι ἀπαντᾷ ἐπὶ ταύτῃ ἀναμένων ὁ λόγος τῆς τύχης αὐτοῦ.

— Ὄχι, λέγει ὁ κ. Ἀναστασόπουλος. Ἐφαρμόσαμεν τὸ πρωτόκολλον, καὶ τὰς δύο βολάς. Ἡ πρώτη δὲ ἦτο ἡ καλλιτέρα.

Μετὰ τοῦτο οἱ ἀντίπαλοι, μετὰ τῶν μαρτύρων των καὶ τῶν ἰατρῶν ἐπέρχονται ἕκαστος εἰς ἄλλης ὁδοῦ.

ΤΙ ΛΕΓΕΙ Ο κ. ΑΝΑΣΤΑΣΟΠΟΥΛΟΣ

Ὁ ἐκ τῶν μαρτύρων κ. Ἀναστασόπουλος ὅν ἠρωτήσαμεν περὶ τῶν τῆς μονομαχίας εὐχαριστήσεως νὰ ἀνακοινώσῃ ἡμῖν τὰ τοῦ ἀνωτέρω τὰ ἐκθέτομεν.

— Μὰ πῶς κρίνει ὁ κ. Ἀναστασόπουλος. ἐπετράπη εἰς τὸν κ. Πάλλη νὰ ἔχῃ μεθ' ἑαυτοῦ ψαλιδίον, ὅπως τοῦτο ἀπαγορεύεται.

— Ἠμεῖς δὲν ἠδυνάμεθα νὰ ἐρευνήσωμεν ἐπ' αὐτοῦ. Οἱ μονομαχοῦντες γνωρίζουσιν ὅτι δὲν πρέπει νὰ φέρουσι ἐπ' αὐτῶν μεταλλικὰ ἀντικείμενα.

— Ἰσχυρίζονται ὅτι ὁ κ. Μουρούζης ἔφερε μαστές.

— Ὄχι. Ἔφερε δερματίνας περισκελίδας ὡς ὁ κ. Πάλλης, ἄλλως τε αὐτὸ τὸ πράγμα ποὺ φαίνεται καὶ ἢ ἤνεντο νὰ ἐκτιθῶσι τὰς ἀποδείξεις.

— Ἡ ταμβακοθήκη δὲν ἐφαίνετο.

Ὅλα ὅμως αὐτὰ δικαιολογοῦνται ὡς ἐκ τῆς ἐπειγούσης διεξαγωγῆς τῆς μονομαχίας καὶ τῆς κατασκοπείας τῆς Ἀρχῆς.

— Ἐσκόπευσεν ὁ κ. Μουρούζης εἰς τὴν σφαῖραν ἐπίτηδες τοῦ κ. Πάλλη τυχαίως;

Ἐσκόπευσεν ἀκριβῶς ἐπί. Ὅταν ἐγένετο ἡ ἀνταλλαγὴ τῶν τελευταίων βολῶν τὸ πιστόλιον τοῦ κ. Μουρούζη δυνατώτερα.

— Ὄχι τρεῖς κανονικῶς.

Ἀλλ' ὁ κ. Μουρούζης δὲν ἐλάβεν ὅση ὅθεν ἦτο ἡ ἀπόστασις ἐπί τὸ ἐλάττωμα ὅπερ ἦτο ἐλάττωμα. ὅτι ἐνέτεινε ἡ σφαῖρα. Ὁ σκοπεύσας χαμηλότερα, ἀκριβῶς διὸ τὸ ἐπιτυχὲς τοῦ πιστολίου.

ΤΙ ΛΕΓΟΥΝ ΟΙ ΙΑΤΡΟΙ — Η ΣΩΤΕΙΡΑ ΤΑΜΒΑΚΟΘΗΚΗ

Ὅλοι οἱ ἰατροὶ βεβαιοῦσιν, ὅτι ἂν δὲν ὑπῆρχεν ἡ ταμβακοθήκη τὸ ἀποτέλεσμα θὰ ἦτο διαφορετικόν καὶ ἴσως ἐπέφερε τὸν θάνατον. Ἡ σφαῖρα θὰ εἰσήρχετο εἰς τὸ σῶμα ἢ θὰ ἔπληττε τὴν ἀρτηρίαν καὶ ἡ ἀιμορραγία δὲν θὰ ἦτο δυνατὸν νὰ σταματήσῃ.

Τὴν ζωήν τοῦ κ. Πάλλη ἔσωσε καὶ πάλιν ὁ πρίγκηψ Νικόλαος, διότι ἡ ταμβακοθήκη ἦτο δῶρον αὐτοῦ πρὸς τὸν κ. Πάλλην.

Η ΠΑΡΟΥΣΙΑΣΙΣ
ΤΟΥ κ. ΜΟΥΡΟΥΖΗ
ΕΙΣ ΤΟ ΦΡΟΥΡΑΡΧΕΙΟΝ

Ἡ ἀνάκρισις του. — Τί ἐξήτησεν καὶ τὶ κατέθεσεν

Ἡ ἅμαξα ἡ φέρουσα τὸν κ. Μουρούζην μετὰ τῶν μαρτύρων του ἐν ᾧ ὁ δὲ τόπος τῆς μονομαχίας κατηυθύνθη εἰς τὸ Φρουραρχεῖον. Ἐκεῖ κατελθὼν ὁ κ. Μουρούζης ἀνελθὼν ἀστραπιαίως τὴν κλίμακα, ἐξήτησε ἀμέσως νὰ ἴδῃ τὸν φρουραρχον κ. Τραυλοῦ, ἐπιλάρχον.

Εἴμαι εἰς τὰς διαταγάς σας, λέγει. Εὗρε διαχωρίσας ὅτι ἐπλήγωσα τὸν κ. Πάλλη ὅπως ὁ κ. Πάλλης ἐπλήγωσεν ἐμέ, λαβέτε τὸ πιστόλι μου, σᾶς σέβομαι.

Μόλις ἐγνώσθη ἡ παρουσίασις τοῦ κ. Μουρούζη τὸ Φρουραρχεῖον πολὺς συνεκεντρώθη πρὸ τοῦ Φρουραρχείου, πολλοὶ δὲ φίλοι του ἐπῆγαν νὰ τὸν ἐπισκεφθῶσι.

Ὁ κ. Μουρούζης ὑπεβλήθη ἀμέσως εἰς ἀνάκρισιν ὑπὸ τοῦ κ. Τραυλοῦ.

Ἐν ἀρχῇ τῆς ἀνακρίσεως τοῦ ἐζήτησε νὰ μάθῃ ἐὰν ἐξετάζεται ὡς μάρτυς, ἢ κατηγορούμενος, καὶ ἐὰν κατηγορῆται συνεκλήθη ὁ αὐτεπαγγέλτως.

Ἐξετασθεὶς μετὰ ταῦτα ἐδοξασεν, ὅτι ἐπειδὴ ἦτο ὁ κ. Πάλλης πολὺ ἀφ' οὗ εἶχε προηγουμένως ἀφορμὰς, ἀνωμαλία.
